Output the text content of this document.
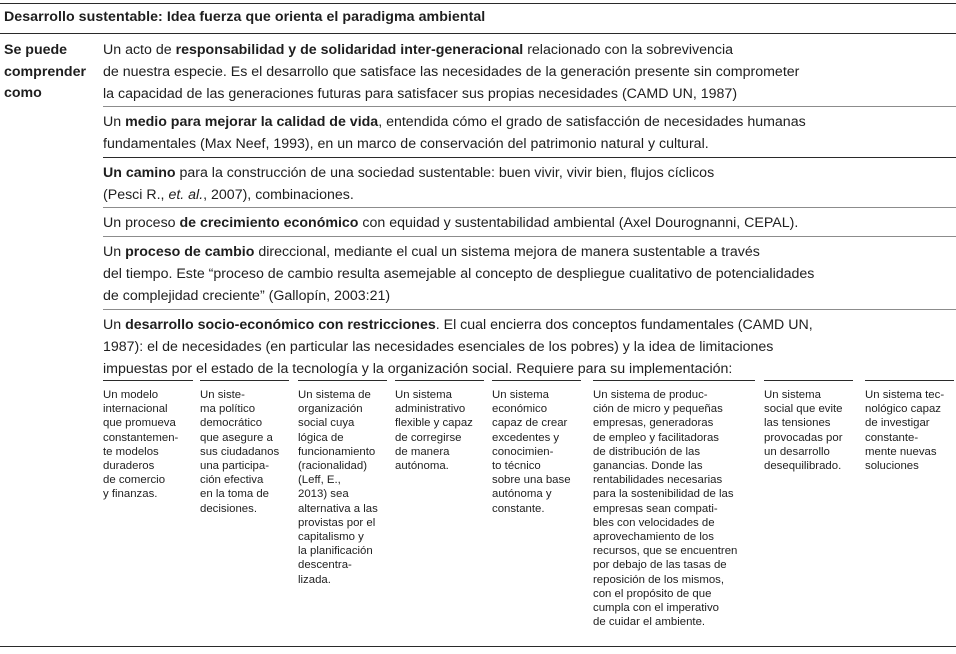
Desarrollo sustentable: Idea fuerza que orienta el paradigma ambiental
Se puede
comprender
como
Un acto de responsabilidad y de solidaridad inter-generacional relacionado con la sobrevivencia
de nuestra especie. Es el desarrollo que satisface las necesidades de la generación presente sin comprometer
la capacidad de las generaciones futuras para satisfacer sus propias necesidades (CAMD UN, 1987)
Un medio para mejorar la calidad de vida, entendida cómo el grado de satisfacción de necesidades humanas
fundamentales (Max Neef, 1993), en un marco de conservación del patrimonio natural y cultural.
Un camino para la construcción de una sociedad sustentable: buen vivir, vivir bien, flujos cíclicos
(Pesci R., et. al., 2007), combinaciones.
Un proceso de crecimiento económico con equidad y sustentabilidad ambiental (Axel Dourognanni, CEPAL).
Un proceso de cambio direccional, mediante el cual un sistema mejora de manera sustentable a través
del tiempo. Este “proceso de cambio resulta asemejable al concepto de despliegue cualitativo de potencialidades
de complejidad creciente” (Gallopín, 2003:21)
Un desarrollo socio-económico con restricciones. El cual encierra dos conceptos fundamentales (CAMD UN,
1987): el de necesidades (en particular las necesidades esenciales de los pobres) y la idea de limitaciones
impuestas por el estado de la tecnología y la organización social. Requiere para su implementación:
Un modelo
internacional
que promueva
constantemen-
te modelos
duraderos
de comercio
y finanzas.
Un siste-
ma político
democrático
que asegure a
sus ciudadanos
una participa-
ción efectiva
en la toma de
decisiones.
Un sistema de
organización
social cuya
lógica de
funcionamiento
(racionalidad)
(Leff, E.,
2013) sea
alternativa a las
provistas por el
capitalismo y
la planificación
descentra-
lizada.
Un sistema
administrativo
flexible y capaz
de corregirse
de manera
autónoma.
Un sistema
económico
capaz de crear
excedentes y
conocimien-
to técnico
sobre una base
autónoma y
constante.
Un sistema de produc-
ción de micro y pequeñas
empresas, generadoras
de empleo y facilitadoras
de distribución de las
ganancias. Donde las
rentabilidades necesarias
para la sostenibilidad de las
empresas sean compati-
bles con velocidades de
aprovechamiento de los
recursos, que se encuentren
por debajo de las tasas de
reposición de los mismos,
con el propósito de que
cumpla con el imperativo
de cuidar el ambiente.
Un sistema
social que evite
las tensiones
provocadas por
un desarrollo
desequilibrado.
Un sistema tec-
nológico capaz
de investigar
constante-
mente nuevas
soluciones
